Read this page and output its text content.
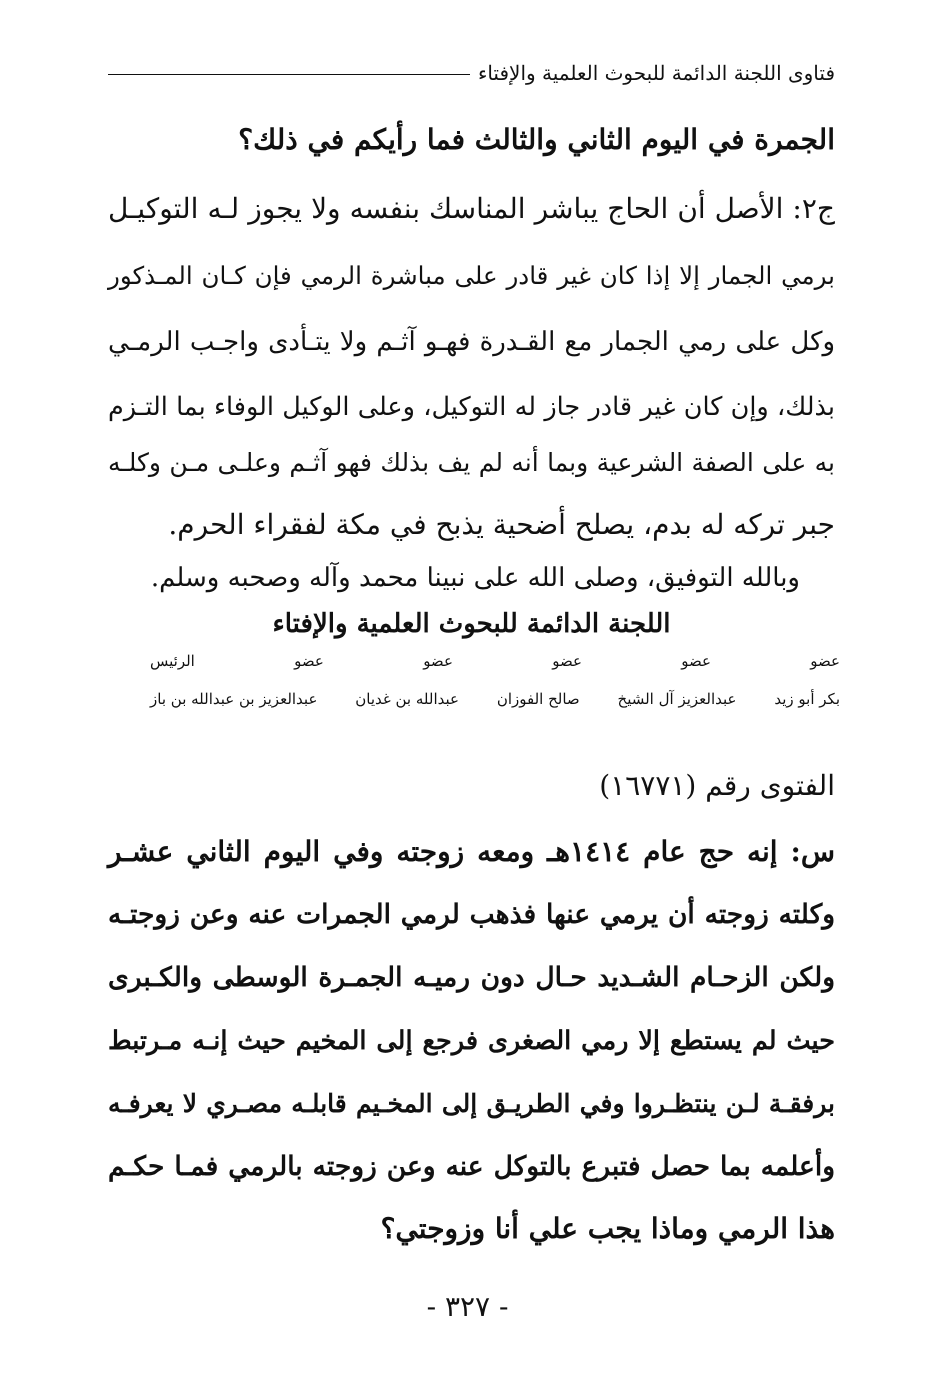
فتاوى اللجنة الدائمة للبحوث العلمية والإفتاء
الجمرة في اليوم الثاني والثالث فما رأيكم في ذلك؟
ج٢: الأصل أن الحاج يباشر المناسك بنفسه ولا يجوز لـه التوكيـل
برمي الجمار إلا إذا كان غير قادر على مباشرة الرمي فإن كـان المـذكور
وكل على رمي الجمار مع القـدرة فهـو آثـم ولا يتـأدى واجـب الرمـي
بذلك، وإن كان غير قادر جاز له التوكيل، وعلى الوكيل الوفاء بما التـزم
به على الصفة الشرعية وبما أنه لم يف بذلك فهو آثـم وعلـى مـن وكلـه
جبر تركه له بدم، يصلح أضحية يذبح في مكة لفقراء الحرم.
وبالله التوفيق، وصلى الله على نبينا محمد وآله وصحبه وسلم.
اللجنة الدائمة للبحوث العلمية والإفتاء
عضو
عضو
عضو
عضو
عضو
الرئيس
بكر أبو زيد
عبدالعزيز آل الشيخ
صالح الفوزان
عبدالله بن غديان
عبدالعزيز بن عبدالله بن باز
الفتوى رقم (١٦٧٧١)
س: إنه حج عام ١٤١٤هـ ومعه زوجته وفي اليوم الثاني عشـر
وكلته زوجته أن يرمي عنها فذهب لرمي الجمرات عنه وعن زوجتـه
ولكن الزحـام الشـديد حـال دون رميـه الجمـرة الوسطى والكـبرى
حيث لم يستطع إلا رمي الصغرى فرجع إلى المخيم حيث إنـه مـرتبط
برفقـة لـن ينتظـروا وفي الطريـق إلى المخـيم قابلـه مصـري لا يعرفـه
وأعلمه بما حصل فتبرع بالتوكل عنه وعن زوجته بالرمي فمـا حكـم
هذا الرمي وماذا يجب علي أنا وزوجتي؟
- ٣٢٧ -
